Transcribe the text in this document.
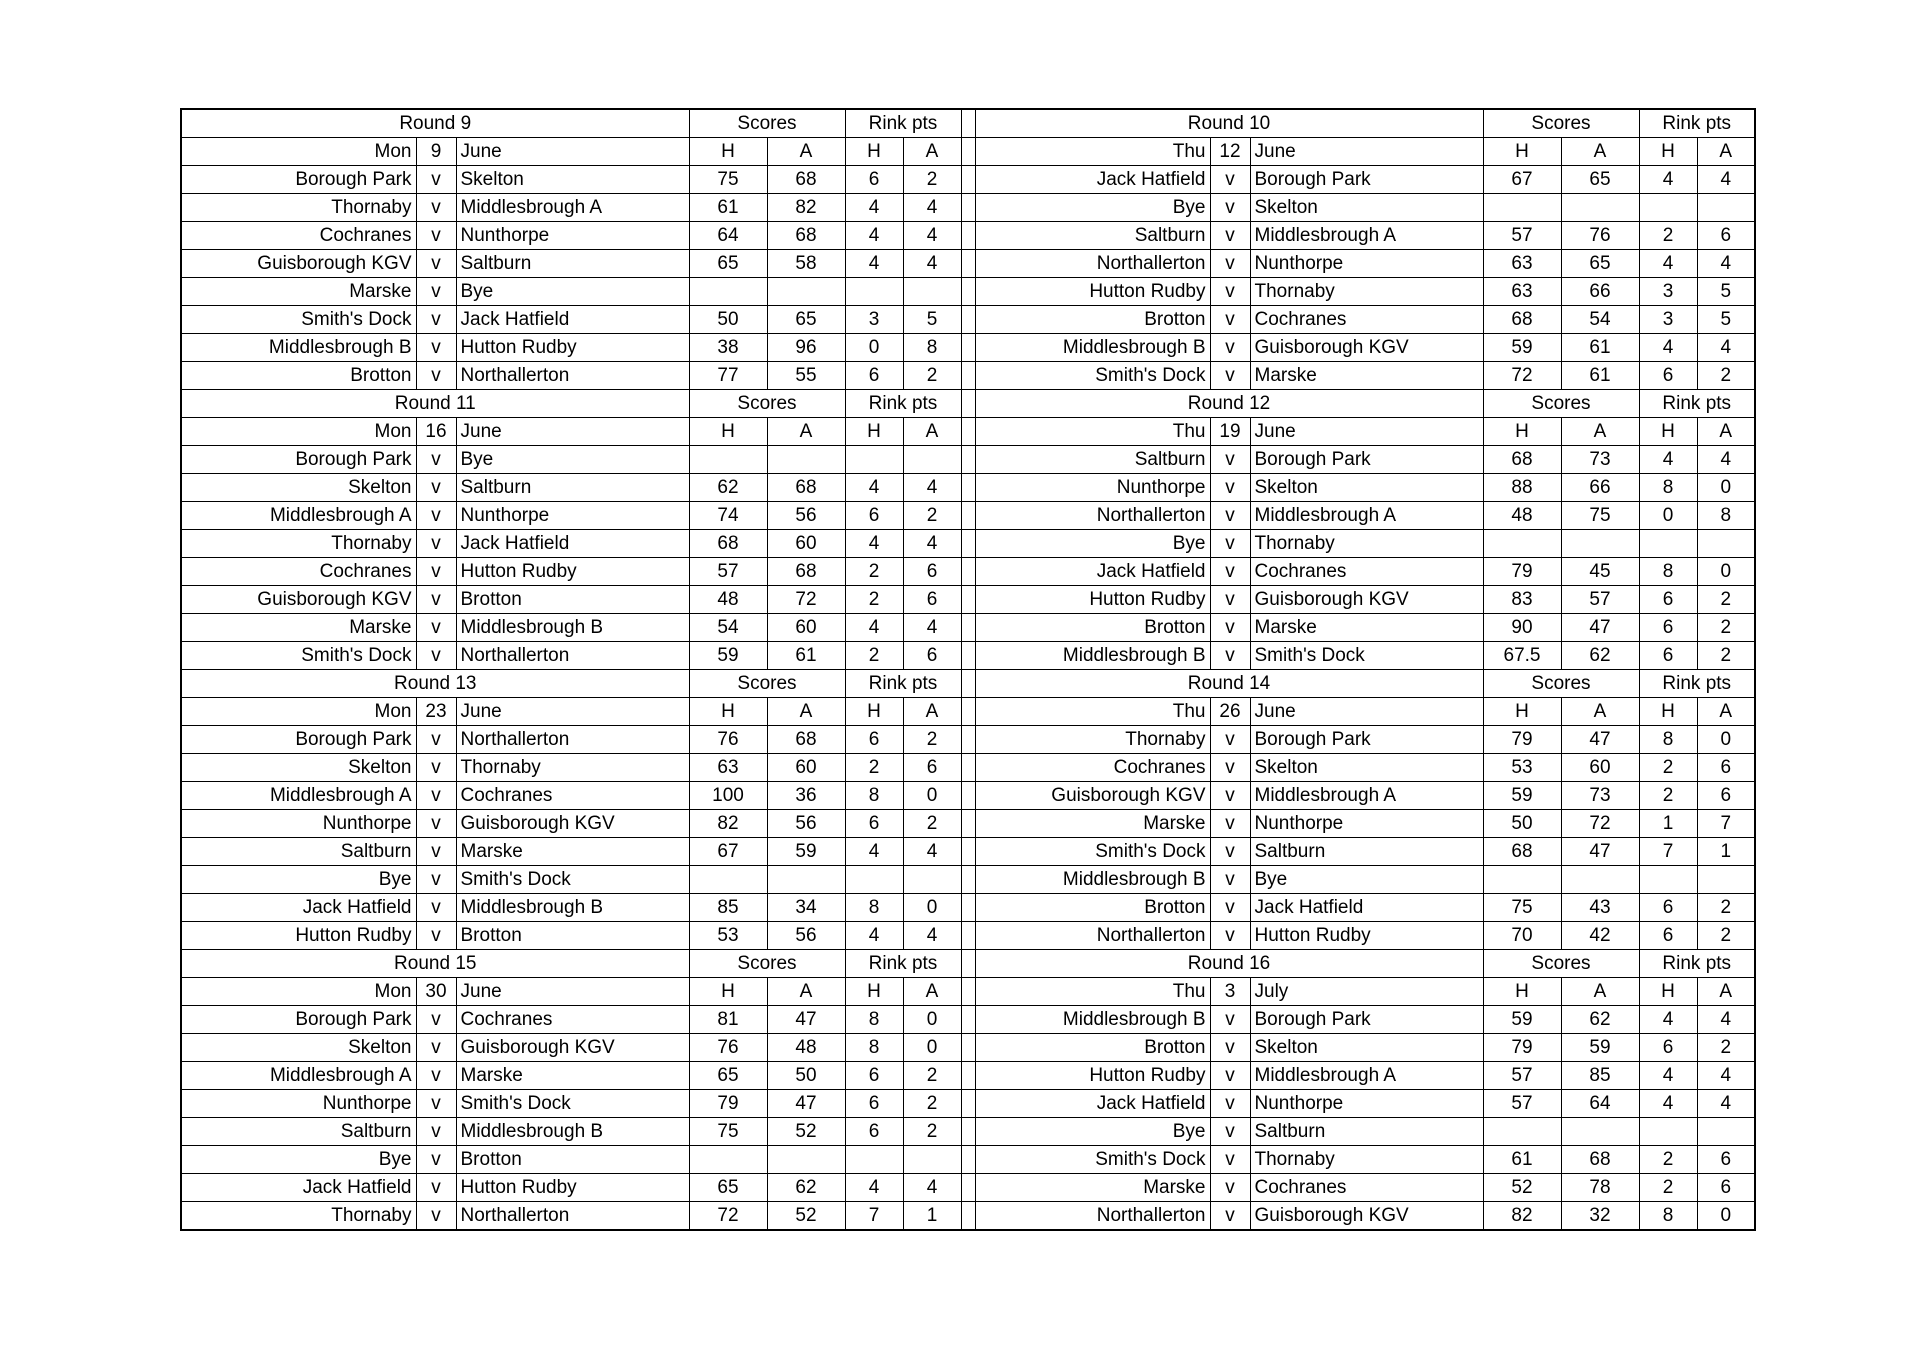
Round 9			Scores		Rink pts			Round 10			Scores		Rink pts	
Mon	9	June	H	A	H	A		Thu	12	June	H	A	H	A
Borough Park	v	Skelton	75	68	6	2		Jack Hatfield	v	Borough Park	67	65	4	4
Thornaby	v	Middlesbrough A	61	82	4	4		Bye	v	Skelton				
Cochranes	v	Nunthorpe	64	68	4	4		Saltburn	v	Middlesbrough A	57	76	2	6
Guisborough KGV	v	Saltburn	65	58	4	4		Northallerton	v	Nunthorpe	63	65	4	4
Marske	v	Bye						Hutton Rudby	v	Thornaby	63	66	3	5
Smith's Dock	v	Jack Hatfield	50	65	3	5		Brotton	v	Cochranes	68	54	3	5
Middlesbrough B	v	Hutton Rudby	38	96	0	8		Middlesbrough B	v	Guisborough KGV	59	61	4	4
Brotton	v	Northallerton	77	55	6	2		Smith's Dock	v	Marske	72	61	6	2
Round 11			Scores		Rink pts			Round 12			Scores		Rink pts	
Mon	16	June	H	A	H	A		Thu	19	June	H	A	H	A
Borough Park	v	Bye						Saltburn	v	Borough Park	68	73	4	4
Skelton	v	Saltburn	62	68	4	4		Nunthorpe	v	Skelton	88	66	8	0
Middlesbrough A	v	Nunthorpe	74	56	6	2		Northallerton	v	Middlesbrough A	48	75	0	8
Thornaby	v	Jack Hatfield	68	60	4	4		Bye	v	Thornaby				
Cochranes	v	Hutton Rudby	57	68	2	6		Jack Hatfield	v	Cochranes	79	45	8	0
Guisborough KGV	v	Brotton	48	72	2	6		Hutton Rudby	v	Guisborough KGV	83	57	6	2
Marske	v	Middlesbrough B	54	60	4	4		Brotton	v	Marske	90	47	6	2
Smith's Dock	v	Northallerton	59	61	2	6		Middlesbrough B	v	Smith's Dock	67.5	62	6	2
Round 13			Scores		Rink pts			Round 14			Scores		Rink pts	
Mon	23	June	H	A	H	A		Thu	26	June	H	A	H	A
Borough Park	v	Northallerton	76	68	6	2		Thornaby	v	Borough Park	79	47	8	0
Skelton	v	Thornaby	63	60	2	6		Cochranes	v	Skelton	53	60	2	6
Middlesbrough A	v	Cochranes	100	36	8	0		Guisborough KGV	v	Middlesbrough A	59	73	2	6
Nunthorpe	v	Guisborough KGV	82	56	6	2		Marske	v	Nunthorpe	50	72	1	7
Saltburn	v	Marske	67	59	4	4		Smith's Dock	v	Saltburn	68	47	7	1
Bye	v	Smith's Dock						Middlesbrough B	v	Bye				
Jack Hatfield	v	Middlesbrough B	85	34	8	0		Brotton	v	Jack Hatfield	75	43	6	2
Hutton Rudby	v	Brotton	53	56	4	4		Northallerton	v	Hutton Rudby	70	42	6	2
Round 15			Scores		Rink pts			Round 16			Scores		Rink pts	
Mon	30	June	H	A	H	A		Thu	3	July	H	A	H	A
Borough Park	v	Cochranes	81	47	8	0		Middlesbrough B	v	Borough Park	59	62	4	4
Skelton	v	Guisborough KGV	76	48	8	0		Brotton	v	Skelton	79	59	6	2
Middlesbrough A	v	Marske	65	50	6	2		Hutton Rudby	v	Middlesbrough A	57	85	4	4
Nunthorpe	v	Smith's Dock	79	47	6	2		Jack Hatfield	v	Nunthorpe	57	64	4	4
Saltburn	v	Middlesbrough B	75	52	6	2		Bye	v	Saltburn				
Bye	v	Brotton						Smith's Dock	v	Thornaby	61	68	2	6
Jack Hatfield	v	Hutton Rudby	65	62	4	4		Marske	v	Cochranes	52	78	2	6
Thornaby	v	Northallerton	72	52	7	1		Northallerton	v	Guisborough KGV	82	32	8	0
